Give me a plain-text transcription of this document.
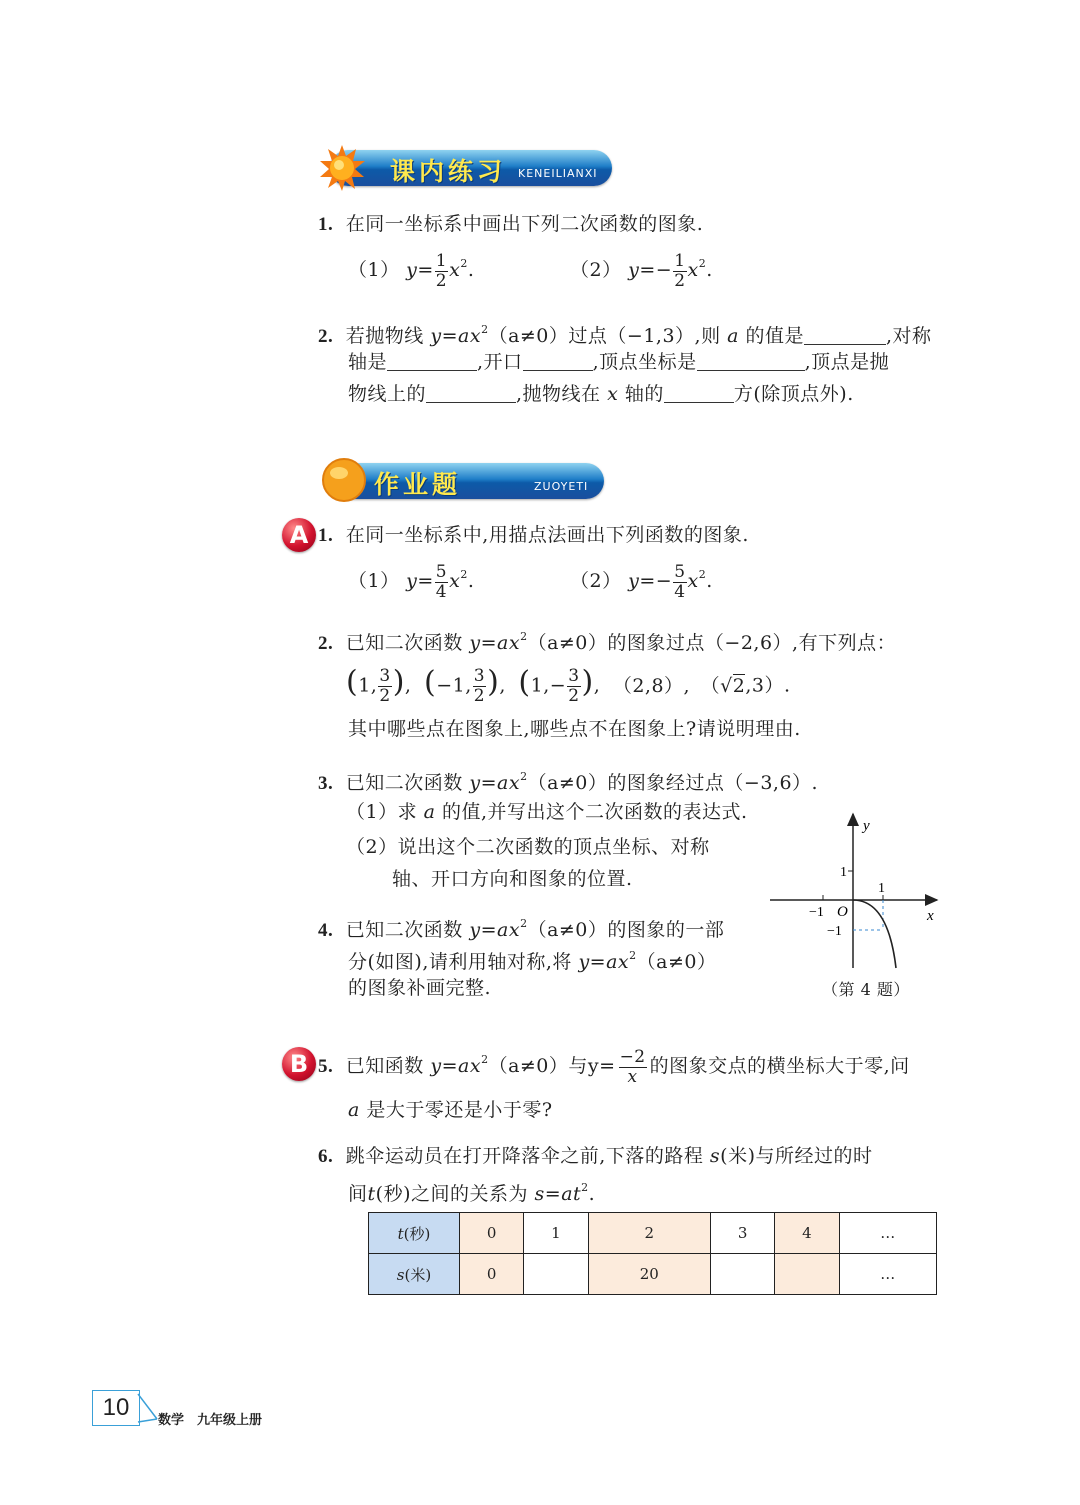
课内练习 KENEILIANXI
1. 在同一坐标系中画出下列二次函数的图象.
（1） $y= \frac{1}{2} x^2$.	（2） $y=- \frac{1}{2} x^2$.
2. 若抛物线 $y=ax^2(a\ne 0)$过点（−1,3）,则 a 的值是	,对称
轴是	,开口	,顶点坐标是	,顶点是抛
物线上的	,抛物线在 x 轴的	方(除顶点外).
作业题	ZUOYETI
A 1. 在同一坐标系中,用描点法画出下列函数的图象.
（1） $y= \frac{5}{4} x^2$.	（2） $y=- \frac{5}{4} x^2$.
2. 已知二次函数 $y=ax^2(a\ne 0)$的图象过点（−2,6）,有下列点：
(1, $\frac{3}{2}$ ), (−1, $\frac{3}{2}$ ), ($1,- \frac{3}{2}$ ), （2,8）, （√2,3）.
其中哪些点在图象上,哪些点不在图象上?请说明理由.
3. 已知二次函数 $y=ax^2(a\ne 0)$的图象经过点（−3,6）.
（1）求 a 的值,并写出这个二次函数的表达式.
（2）说出这个二次函数的顶点坐标、对称
轴、开口方向和图象的位置.
4. 已知二次函数 $y=ax^2(a\ne 0)$的图象的一部
分(如图),请利用轴对称,将 $y=ax^2(a\ne 0)$
的图象补画完整.
y
x
O
1
1
−1
−1
（第 4 题）
B 5. 已知函数 $y=ax^2(a\ne 0)$与$y= \frac{-2}{x}$ 的图象交点的横坐标大于零,问
a 是大于零还是小于零?
6. 跳伞运动员在打开降落伞之前,下落的路程 s(米)与所经过的时
间t(秒)之间的关系为 $s=at^2$.
t(秒)	0	1	2	3	4	…
s(米)	0		20			…
10	数学　九年级上册
